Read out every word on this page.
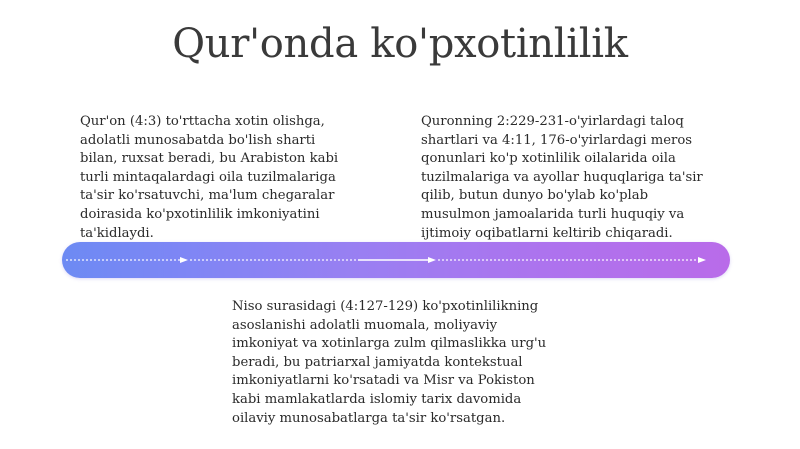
Qur'onda ko'pxotinlilik
Qur'on (4:3) to'rttacha xotin olishga,
adolatli munosabatda bo'lish sharti
bilan, ruxsat beradi, bu Arabiston kabi
turli mintaqalardagi oila tuzilmalariga
ta'sir ko'rsatuvchi, ma'lum chegaralar
doirasida ko'pxotinlilik imkoniyatini
ta'kidlaydi.
Quronning 2:229-231-o'yirlardagi taloq
shartlari va 4:11, 176-o'yirlardagi meros
qonunlari ko'p xotinlilik oilalarida oila
tuzilmalariga va ayollar huquqlariga ta'sir
qilib, butun dunyo bo'ylab ko'plab
musulmon jamoalarida turli huquqiy va
ijtimoiy oqibatlarni keltirib chiqaradi.
Niso surasidagi (4:127-129) ko'pxotinlilikning
asoslanishi adolatli muomala, moliyaviy
imkoniyat va xotinlarga zulm qilmaslikka urg'u
beradi, bu patriarxal jamiyatda kontekstual
imkoniyatlarni ko'rsatadi va Misr va Pokiston
kabi mamlakatlarda islomiy tarix davomida
oilaviy munosabatlarga ta'sir ko'rsatgan.
